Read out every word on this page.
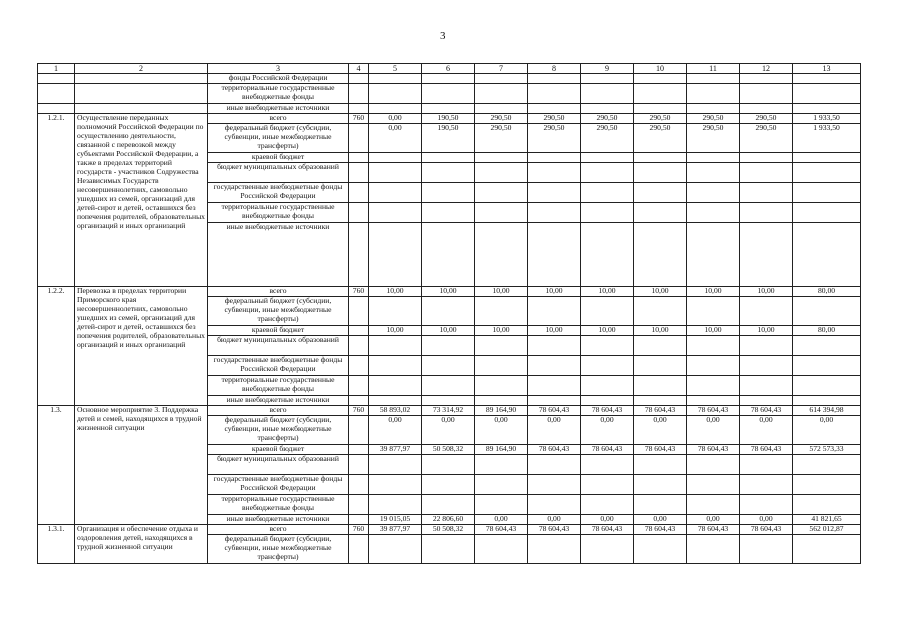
3
1	2	3	4	5	6	7	8	9	10	11	12	13
		фонды Российской Федерации										
		территориальные государственные внебюджетные фонды										
		иные внебюджетные источники										
1.2.1.	Осуществление переданных полномочий Российской Федерации по осуществлению деятельности, связанной с перевозкой между субъектами Российской Федерации, а также в пределах территорий государств - участников Содружества Независимых Государств несовершеннолетних, самовольно ушедших из семей, организаций для детей-сирот и детей, оставшихся без попечения родителей, образовательных организаций и иных организаций	всего	760	0,00	190,50	290,50	290,50	290,50	290,50	290,50	290,50	1 933,50
		федеральный бюджет (субсидии, субвенции, иные межбюджетные трансферты)		0,00	190,50	290,50	290,50	290,50	290,50	290,50	290,50	1 933,50
		краевой бюджет										
		бюджет муниципальных образований										
		государственные внебюджетные фонды Российской Федерации										
		территориальные государственные внебюджетные фонды										
		иные внебюджетные источники										
1.2.2.	Перевозка в пределах территории Приморского края несовершеннолетних, самовольно ушедших из семей, организаций для детей-сирот и детей, оставшихся без попечения родителей, образовательных организаций и иных организаций	всего	760	10,00	10,00	10,00	10,00	10,00	10,00	10,00	10,00	80,00
		федеральный бюджет (субсидии, субвенции, иные межбюджетные трансферты)										
		краевой бюджет		10,00	10,00	10,00	10,00	10,00	10,00	10,00	10,00	80,00
		бюджет муниципальных образований										
		государственные внебюджетные фонды Российской Федерации										
		территориальные государственные внебюджетные фонды										
		иные внебюджетные источники										
1.3.	Основное мероприятие 3. Поддержка детей и семей, находящихся в трудной жизненной ситуации	всего	760	58 893,02	73 314,92	89 164,90	78 604,43	78 604,43	78 604,43	78 604,43	78 604,43	614 394,98
		федеральный бюджет (субсидии, субвенции, иные межбюджетные трансферты)		0,00	0,00	0,00	0,00	0,00	0,00	0,00	0,00	0,00
		краевой бюджет		39 877,97	50 508,32	89 164,90	78 604,43	78 604,43	78 604,43	78 604,43	78 604,43	572 573,33
		бюджет муниципальных образований										
		государственные внебюджетные фонды Российской Федерации										
		территориальные государственные внебюджетные фонды										
		иные внебюджетные источники		19 015,05	22 806,60	0,00	0,00	0,00	0,00	0,00	0,00	41 821,65
1.3.1.	Организация и обеспечение отдыха и оздоровления детей, находящихся в трудной жизненной ситуации	всего	760	39 877,97	50 508,32	78 604,43	78 604,43	78 604,43	78 604,43	78 604,43	78 604,43	562 012,87
		федеральный бюджет (субсидии, субвенции, иные межбюджетные трансферты)										
